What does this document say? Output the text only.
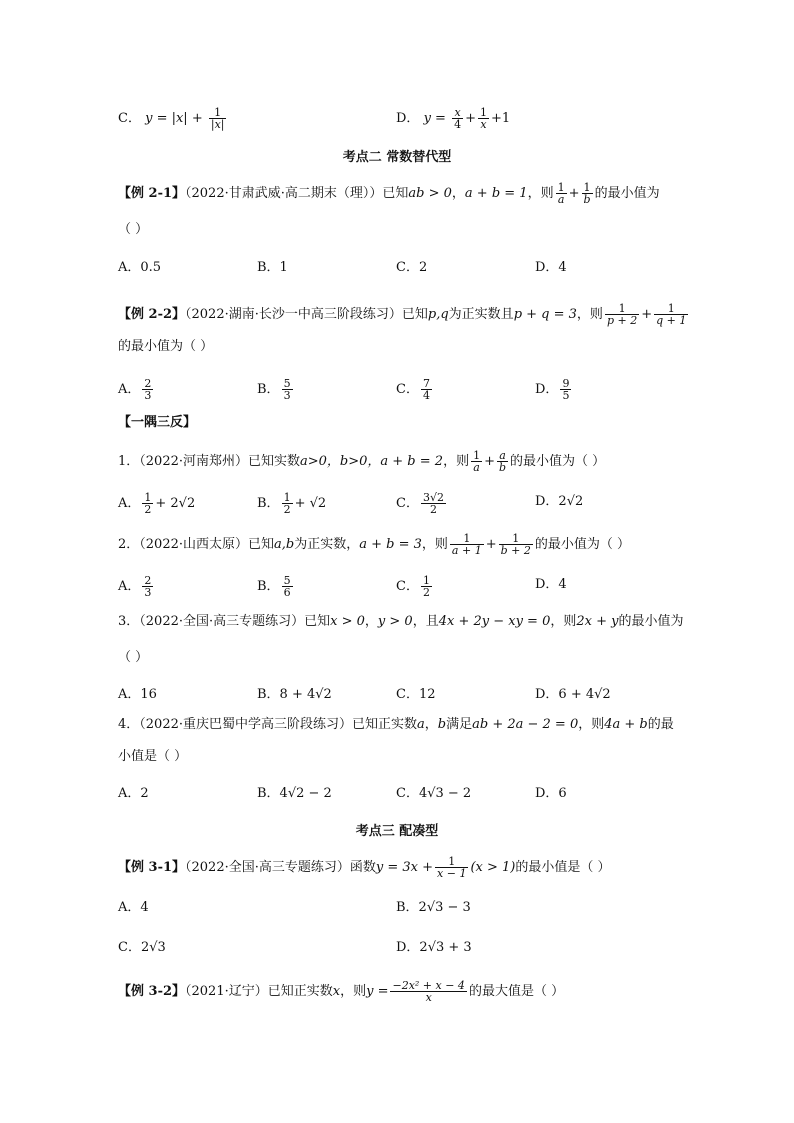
C． $y = |x| + \frac{1}{|x|}$	D． $y = \frac{x}{4} + \frac{1}{x} +1$
考点二 常数替代型
【例 2-1】（2022·甘肃武威·高二期末（理））已知ab > 0，a + b = 1，则 $\frac{1}{a} + \frac{1}{b}$ 的最小值为
（ ）
A．0.5	B．1	C．2	D．4
【例 2-2】（2022·湖南·长沙一中高三阶段练习）已知p,q为正实数且p + q = 3，则 $\frac{1}{p + 2} + \frac{1}{q + 1}$
的最小值为（ ）
A． $\frac{2}{3}$	B． $\frac{5}{3}$	C． $\frac{7}{4}$	D． $\frac{9}{5}$
【一隅三反】
1．（2022·河南郑州）已知实数a>0，b>0，a + b = 2，则 $\frac{1}{a} + \frac{a}{b}$ 的最小值为（ ）
A． $\frac{1}{2} + 2√2$	B． $\frac{1}{2} + √2$	C． $\frac{3√2}{2}$	D．2√2
2．（2022·山西太原）已知a,b为正实数，a + b = 3，则 $\frac{1}{a + 1} + \frac{1}{b + 2}$ 的最小值为（ ）
A． $\frac{2}{3}$	B． $\frac{5}{6}$	C． $\frac{1}{2}$	D．4
3．（2022·全国·高三专题练习）已知x > 0，y > 0，且4x + 2y − xy = 0，则2x + y的最小值为
（ ）
A．16	B．8 + 4√2	C．12	D．6 + 4√2
4．（2022·重庆巴蜀中学高三阶段练习）已知正实数a，b满足ab + 2a − 2 = 0，则4a + b的最
小值是（ ）
A．2	B．4√2 − 2	C．4√3 − 2	D．6
考点三 配凑型
【例 3-1】（2022·全国·高三专题练习）函数$y = 3x + \frac{1}{x - 1} (x > 1)$的最小值是（ ）
A．4	B．2√3 − 3
C．2√3	D．2√3 + 3
【例 3-2】（2021·辽宁）已知正实数x，则$y = \frac{\text{−2x² + x − 4}}{x}$ 的最大值是（ ）
